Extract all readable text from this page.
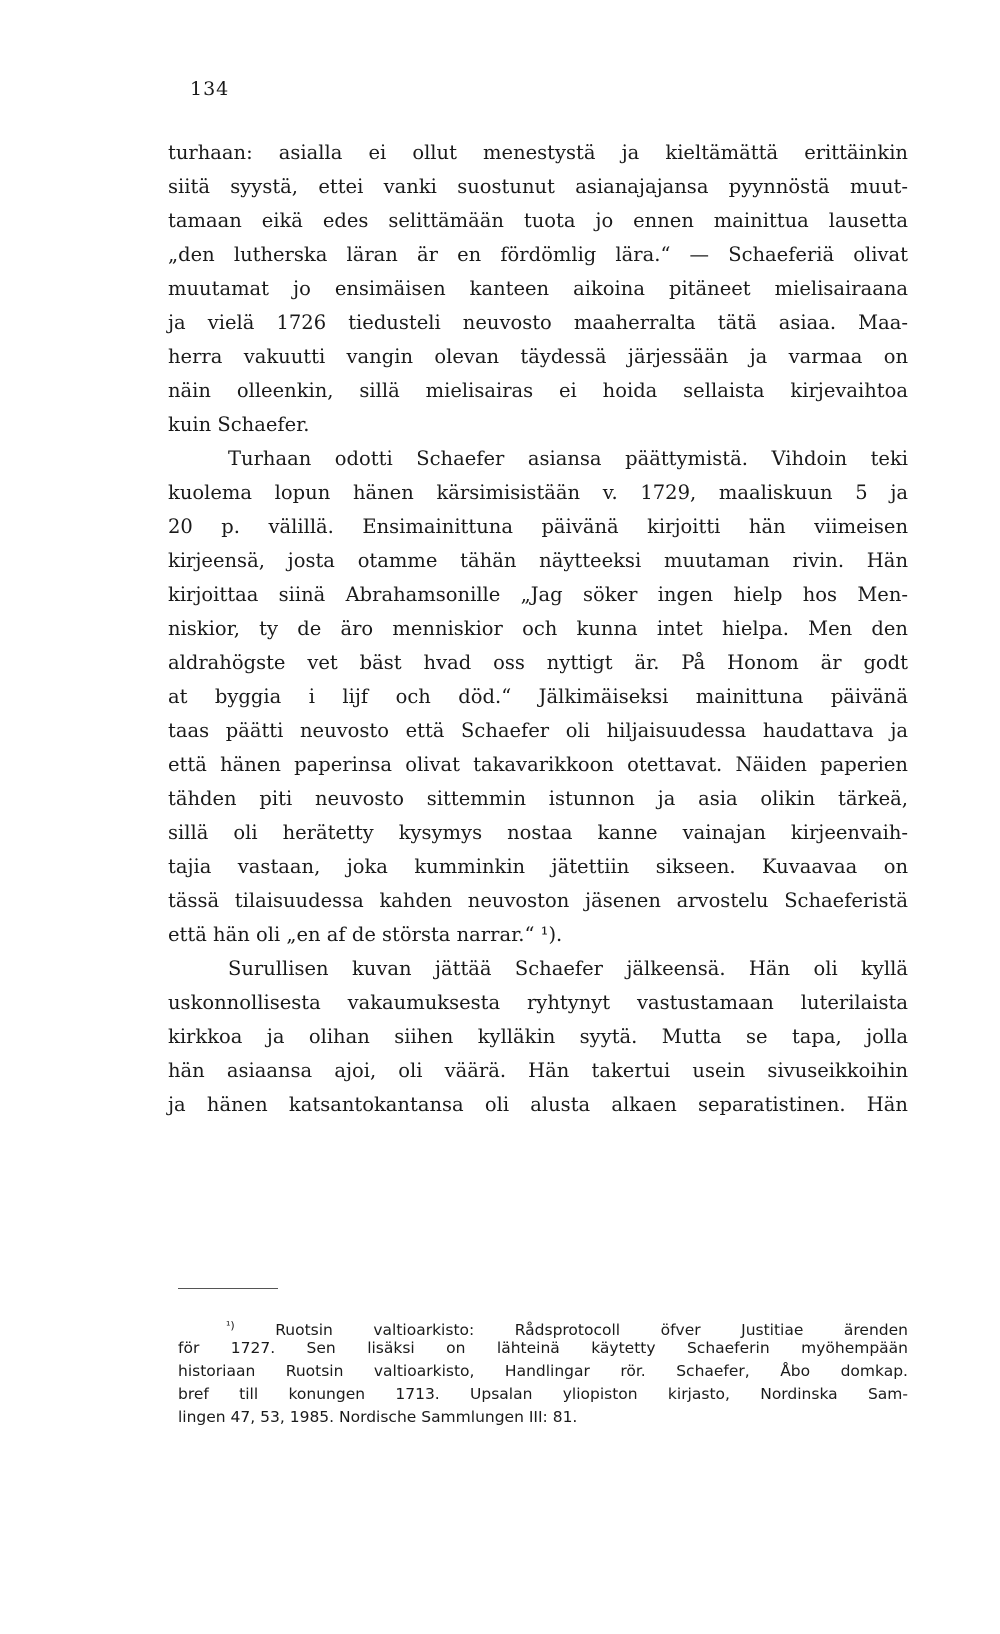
134
turhaan: asialla ei ollut menestystä ja kieltämättä erittäinkin
siitä syystä, ettei vanki suostunut asianajajansa pyynnöstä muut-
tamaan eikä edes selittämään tuota jo ennen mainittua lausetta
„den lutherska läran är en fördömlig lära.“ — Schaeferiä olivat
muutamat jo ensimäisen kanteen aikoina pitäneet mielisairaana
ja vielä 1726 tiedusteli neuvosto maaherralta tätä asiaa. Maa-
herra vakuutti vangin olevan täydessä järjessään ja varmaa on
näin olleenkin, sillä mielisairas ei hoida sellaista kirjevaihtoa
kuin Schaefer.
Turhaan odotti Schaefer asiansa päättymistä. Vihdoin teki
kuolema lopun hänen kärsimisistään v. 1729, maaliskuun 5 ja
20 p. välillä. Ensimainittuna päivänä kirjoitti hän viimeisen
kirjeensä, josta otamme tähän näytteeksi muutaman rivin. Hän
kirjoittaa siinä Abrahamsonille „Jag söker ingen hielp hos Men-
niskior, ty de äro menniskior och kunna intet hielpa. Men den
aldrahögste vet bäst hvad oss nyttigt är. På Honom är godt
at byggia i lijf och död.“ Jälkimäiseksi mainittuna päivänä
taas päätti neuvosto että Schaefer oli hiljaisuudessa haudattava ja
että hänen paperinsa olivat takavarikkoon otettavat. Näiden paperien
tähden piti neuvosto sittemmin istunnon ja asia olikin tärkeä,
sillä oli herätetty kysymys nostaa kanne vainajan kirjeenvaih-
tajia vastaan, joka kumminkin jätettiin sikseen. Kuvaavaa on
tässä tilaisuudessa kahden neuvoston jäsenen arvostelu Schaeferistä
että hän oli „en af de största narrar.“ ¹).
Surullisen kuvan jättää Schaefer jälkeensä. Hän oli kyllä
uskonnollisesta vakaumuksesta ryhtynyt vastustamaan luterilaista
kirkkoa ja olihan siihen kylläkin syytä. Mutta se tapa, jolla
hän asiaansa ajoi, oli väärä. Hän takertui usein sivuseikkoihin
ja hänen katsantokantansa oli alusta alkaen separatistinen. Hän
$^{^1)}$	Ruotsin valtioarkisto: Rådsprotocoll öfver Justitiae ärenden
för 1727. Sen lisäksi on lähteinä käytetty Schaeferin myöhempään
historiaan Ruotsin valtioarkisto, Handlingar rör. Schaefer, Åbo domkap.
bref till konungen 1713. Upsalan yliopiston kirjasto, Nordinska Sam-
lingen 47, 53, 1985. Nordische Sammlungen III: 81.
